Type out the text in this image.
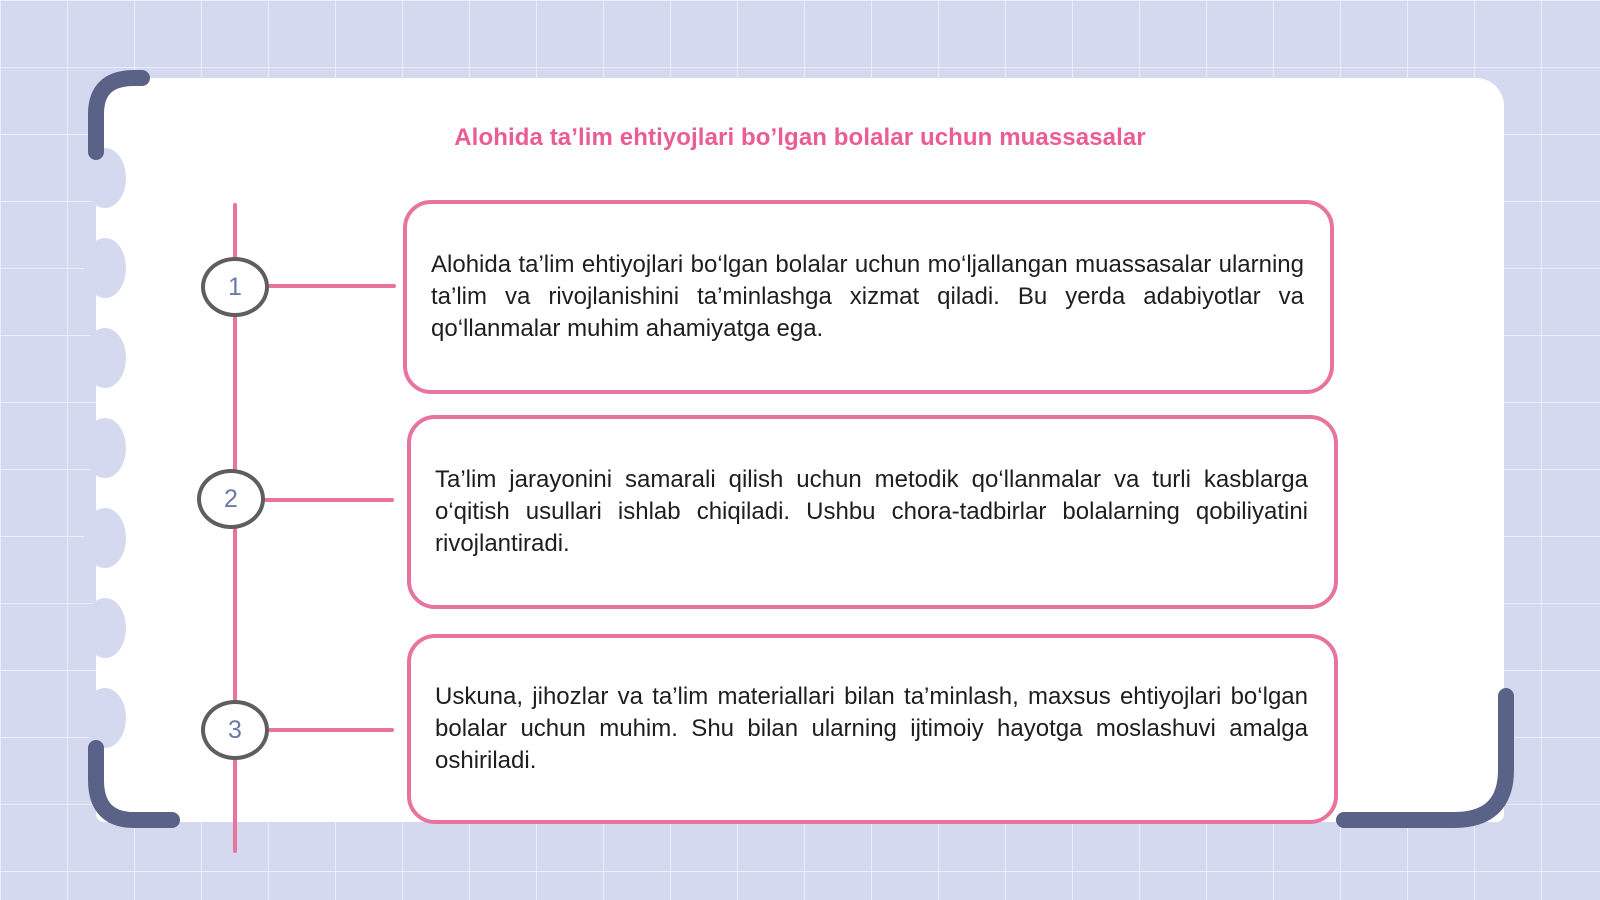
Alohida taʼlim ehtiyojlari boʼlgan bolalar uchun muassasalar
1
2
3

Alohida ta’lim ehtiyojlari bo‘lgan bolalar uchun mo‘ljallangan muassasalar ularning ta’lim va rivojlanishini ta’minlashga xizmat qiladi. Bu yerda adabiyotlar va qo‘llanmalar muhim ahamiyatga ega.

Ta’lim jarayonini samarali qilish uchun metodik qo‘llanmalar va turli kasblarga o‘qitish usullari ishlab chiqiladi. Ushbu chora-tadbirlar bolalarning qobiliyatini rivojlantiradi.

Uskuna, jihozlar va ta’lim materiallari bilan ta’minlash, maxsus ehtiyojlari bo‘lgan bolalar uchun muhim. Shu bilan ularning ijtimoiy hayotga moslashuvi amalga oshiriladi.
